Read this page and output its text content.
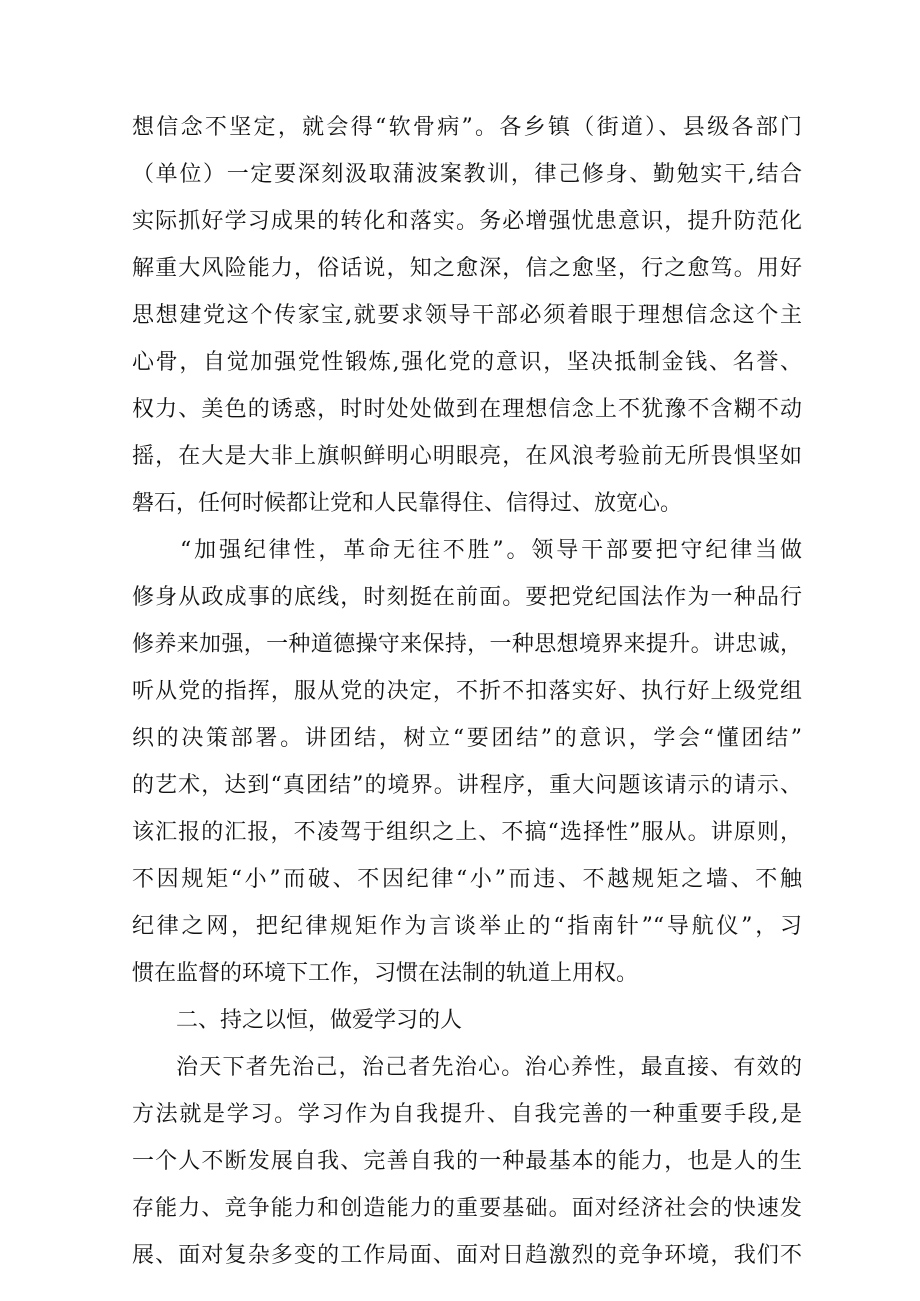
想信念不坚定，就会得“软骨病”。各乡镇（街道）、县级各部门
（单位）一定要深刻汲取蒲波案教训，律己修身、勤勉实干,结合
实际抓好学习成果的转化和落实。务必增强忧患意识，提升防范化
解重大风险能力，俗话说，知之愈深，信之愈坚，行之愈笃。用好
思想建党这个传家宝,就要求领导干部必须着眼于理想信念这个主
心骨，自觉加强党性锻炼,强化党的意识，坚决抵制金钱、名誉、
权力、美色的诱惑，时时处处做到在理想信念上不犹豫不含糊不动
摇，在大是大非上旗帜鲜明心明眼亮，在风浪考验前无所畏惧坚如
磐石，任何时候都让党和人民靠得住、信得过、放宽心。
“加强纪律性，革命无往不胜”。领导干部要把守纪律当做
修身从政成事的底线，时刻挺在前面。要把党纪国法作为一种品行
修养来加强，一种道德操守来保持，一种思想境界来提升。讲忠诚，
听从党的指挥，服从党的决定，不折不扣落实好、执行好上级党组
织的决策部署。讲团结，树立“要团结”的意识，学会“懂团结”
的艺术，达到“真团结”的境界。讲程序，重大问题该请示的请示、
该汇报的汇报，不凌驾于组织之上、不搞“选择性”服从。讲原则，
不因规矩“小”而破、不因纪律“小”而违、不越规矩之墙、不触
纪律之网，把纪律规矩作为言谈举止的“指南针”“导航仪”，习
惯在监督的环境下工作，习惯在法制的轨道上用权。
二、持之以恒，做爱学习的人
治天下者先治己，治己者先治心。治心养性，最直接、有效的
方法就是学习。学习作为自我提升、自我完善的一种重要手段,是
一个人不断发展自我、完善自我的一种最基本的能力，也是人的生
存能力、竞争能力和创造能力的重要基础。面对经济社会的快速发
展、面对复杂多变的工作局面、面对日趋激烈的竞争环境，我们不
